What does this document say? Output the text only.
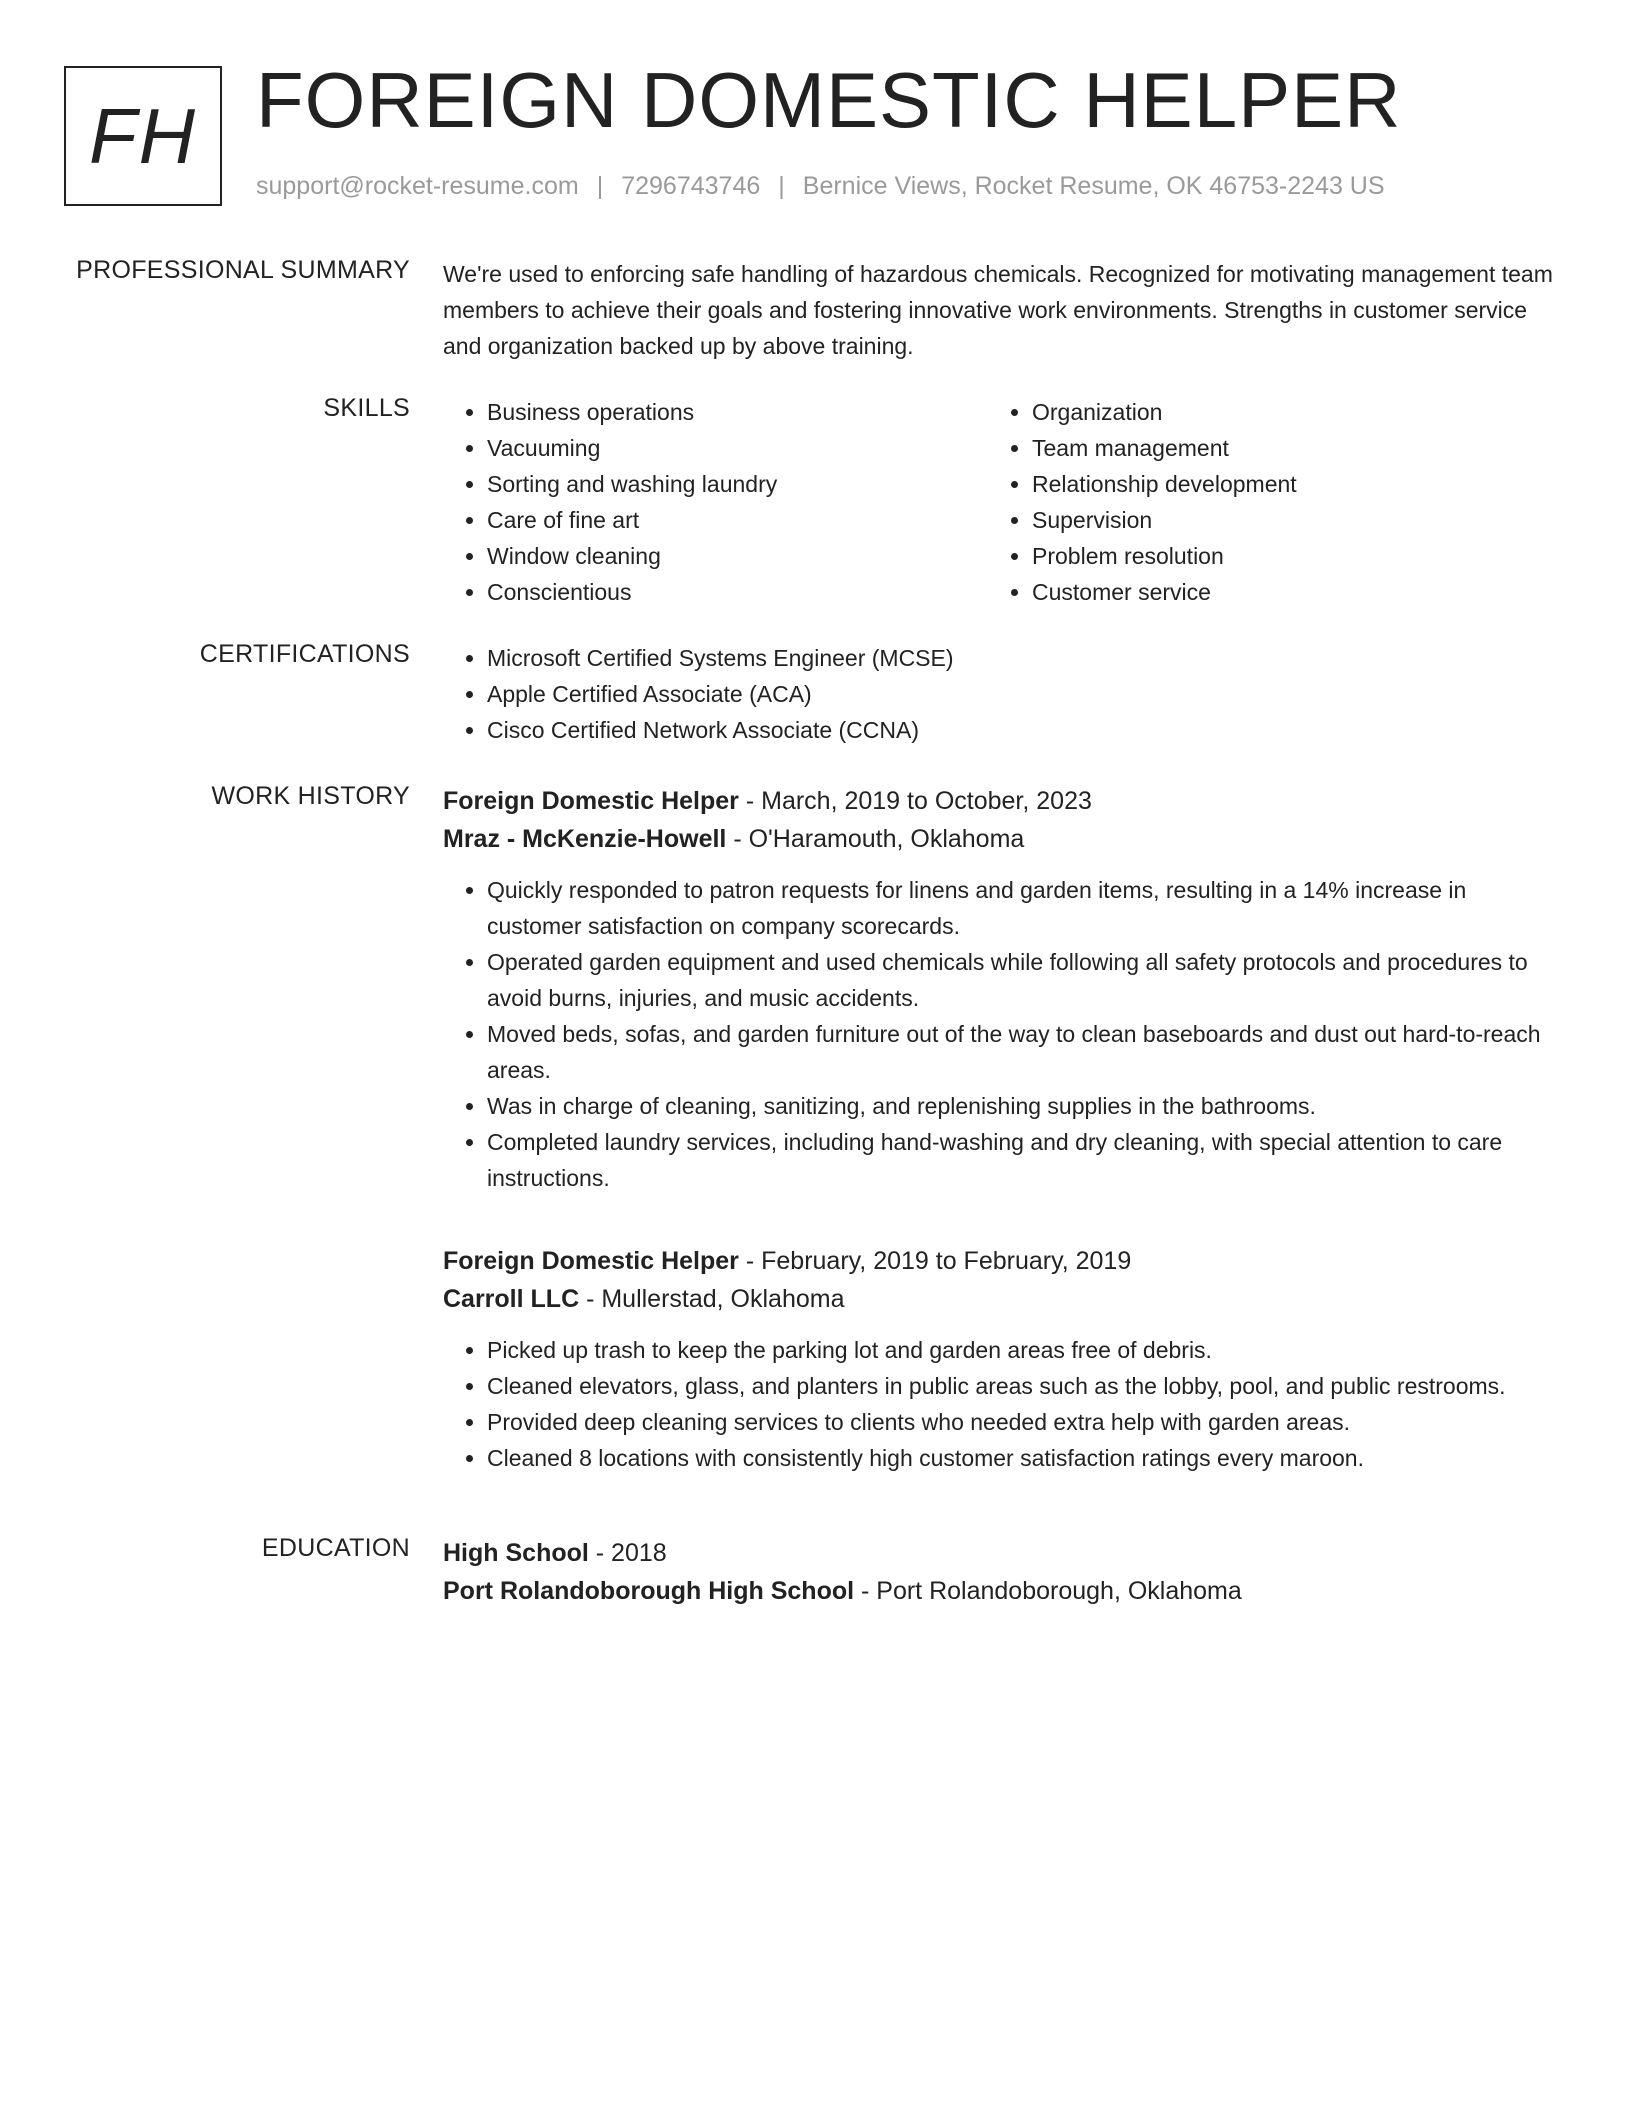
FH FOREIGN DOMESTIC HELPER
support@rocket-resume.com | 7296743746 | Bernice Views, Rocket Resume, OK 46753-2243 US
PROFESSIONAL SUMMARY We're used to enforcing safe handling of hazardous chemicals. Recognized for motivating management team members to achieve their goals and fostering innovative work environments. Strengths in customer service and organization backed up by above training.
SKILLS	• Business operations
• Vacuuming
• Sorting and washing laundry
• Care of fine art
• Window cleaning
• Conscientious
• Organization
• Team management
• Relationship development
• Supervision
• Problem resolution
• Customer service
CERTIFICATIONS	• Microsoft Certified Systems Engineer (MCSE)
• Apple Certified Associate (ACA)
• Cisco Certified Network Associate (CCNA)
WORK HISTORY Foreign Domestic Helper - March, 2019 to October, 2023
Mraz - McKenzie-Howell - O'Haramouth, Oklahoma
• Quickly responded to patron requests for linens and garden items, resulting in a 14% increase in customer satisfaction on company scorecards.
• Operated garden equipment and used chemicals while following all safety protocols and procedures to avoid burns, injuries, and music accidents.
• Moved beds, sofas, and garden furniture out of the way to clean baseboards and dust out hard-to-reach areas.
• Was in charge of cleaning, sanitizing, and replenishing supplies in the bathrooms.
• Completed laundry services, including hand-washing and dry cleaning, with special attention to care instructions.
Foreign Domestic Helper - February, 2019 to February, 2019
Carroll LLC - Mullerstad, Oklahoma
• Picked up trash to keep the parking lot and garden areas free of debris.
• Cleaned elevators, glass, and planters in public areas such as the lobby, pool, and public restrooms.
• Provided deep cleaning services to clients who needed extra help with garden areas.
• Cleaned 8 locations with consistently high customer satisfaction ratings every maroon.
EDUCATION High School - 2018
Port Rolandoborough High School - Port Rolandoborough, Oklahoma
